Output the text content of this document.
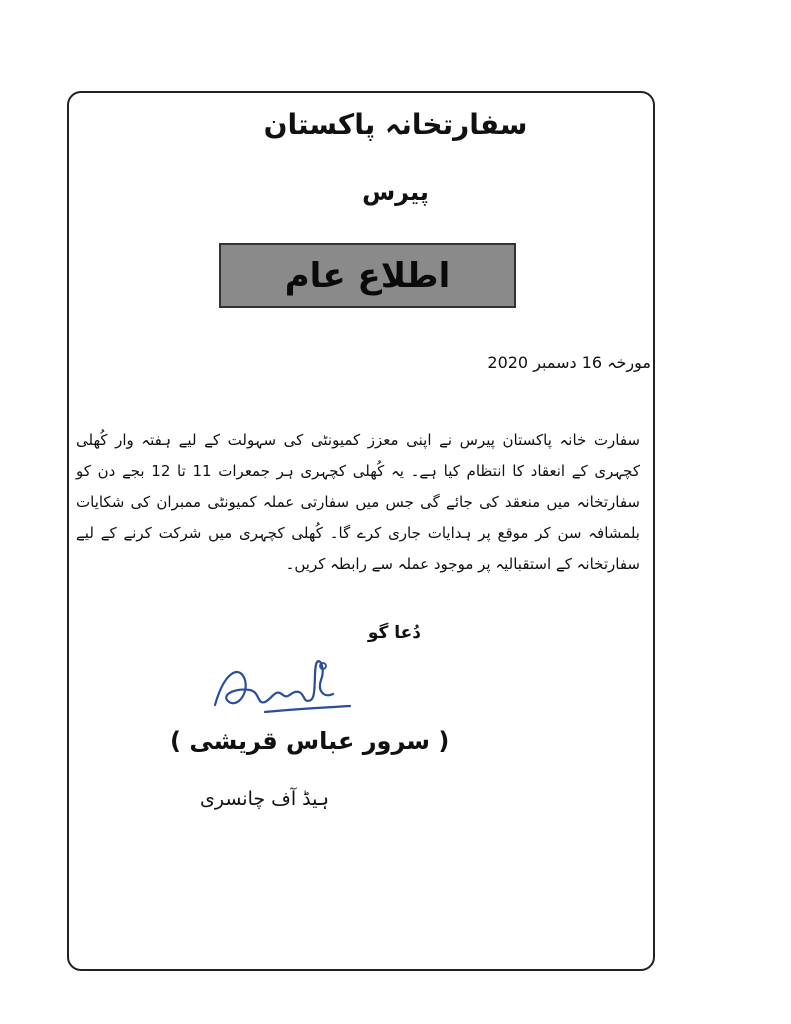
سفارتخانہ پاکستان
پیرس
اطلاع عام
مورخہ 16 دسمبر 2020

سفارت خانہ پاکستان پیرس نے اپنی معزز کمیونٹی کی سہولت کے لیے ہفتہ وار کُھلی کچہری کے انعقاد کا انتظام کیا ہے۔ یہ کُھلی کچہری ہر جمعرات 11 تا 12 بجے دن کو سفارتخانہ میں منعقد کی جائے گی جس میں سفارتی عملہ کمیونٹی ممبران کی شکایات بلمشافہ سن کر موقع پر ہدایات جاری کرے گا۔ کُھلی کچہری میں شرکت کرنے کے لیے سفارتخانہ کے استقبالیہ پر موجود عملہ سے رابطہ کریں۔

دُعا گو
( سرور عباس قریشی )
ہیڈ آف چانسری
